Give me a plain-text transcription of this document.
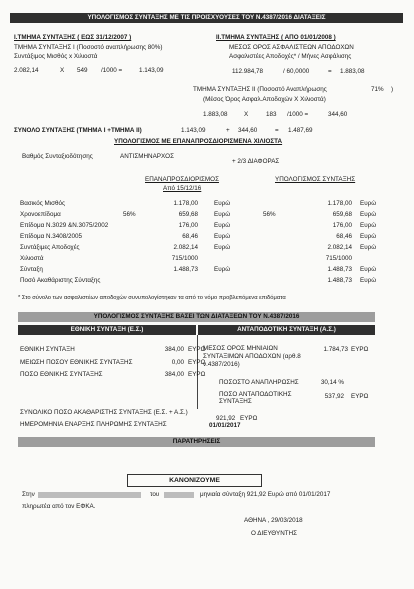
ΥΠΟΛΟΓΙΣΜΟΣ ΣΥΝΤΑΞΗΣ ΜΕ ΤΙΣ ΠΡΟΙΣΧΥΟΥΣΕΣ ΤΟΥ Ν.4387/2016 ΔΙΑΤΑΞΕΙΣ
Ι.ΤΜΗΜΑ ΣΥΝΤΑΞΗΣ ( ΕΩΣ 31/12/2007 )
ΤΜΗΜΑ ΣΥΝΤΑΞΗΣ Ι (Ποσοστό αναπλήρωσης 80%)
Συντάξιμος Μισθός x Χιλιοστά
2.082,14	X 549 /1000 =	1.143,09
ΙΙ.ΤΜΗΜΑ ΣΥΝΤΑΞΗΣ ( ΑΠΟ 01/01/2008 )
ΜΕΣΟΣ ΟΡΟΣ ΑΣΦΑΛΙΣΤΕΩΝ ΑΠΟΔΟΧΩΝ
Ασφαλιστέες Αποδοχές* / Μήνες Ασφάλισης
112.984,78	/ 60,0000	= 1.883,08
ΤΜΗΜΑ ΣΥΝΤΑΞΗΣ ΙΙ (Ποσοστό Αναπλήρωσης	71% )
(Μέσος Όρος Ασφαλ.Αποδοχών Χ Χιλιοστά)
1.883,08	X	183 /1000 =	344,60
ΣΥΝΟΛΟ ΣΥΝΤΑΞΗΣ (ΤΜΗΜΑ Ι +ΤΜΗΜΑ ΙΙ)	1.143,09	+ 344,60	= 1.487,69
ΥΠΟΛΟΓΙΣΜΟΣ ΜΕ ΕΠΑΝΑΠΡΟΣΔΙΟΡΙΣΜΕΝΑ ΧΙΛΙΟΣΤΑ
Βαθμός Συνταξιοδότησης	ΑΝΤΙΣΜΗΝΑΡΧΟΣ
+ 2/3 ΔΙΑΦΟΡΑΣ
ΕΠΑΝΑΠΡΟΣΔΙΟΡΙΣΜΟΣ
Από 15/12/16
ΥΠΟΛΟΓΙΣΜΟΣ ΣΥΝΤΑΞΗΣ
Βασικός Μισθός	1.178,00	Ευρώ	1.178,00 Ευρώ
Χρονοεπίδομα	56%	659,68	Ευρώ	56%	659,68 Ευρώ
Επίδομα Ν.3029 &Ν.3075/2002	176,00	Ευρώ	176,00 Ευρώ
Επίδομα Ν.3408/2005	68,46	Ευρώ	68,46 Ευρώ
Συντάξιμες Αποδοχές	2.082,14	Ευρώ	2.082,14 Ευρώ
Χιλιοστά	715/1000	715/1000
Σύνταξη	1.488,73	Ευρώ	1.488,73 Ευρώ
Ποσό Ακαθάριστης Σύνταξης	1.488,73 Ευρώ
* Στο σύνολο των ασφαλιστέων αποδοχών συνυπολογίστηκαν τα από το νόμο προβλεπόμενα επιδόματα
ΥΠΟΛΟΓΙΣΜΟΣ ΣΥΝΤΑΞΗΣ ΒΑΣΕΙ ΤΩΝ ΔΙΑΤΑΞΕΩΝ ΤΟΥ Ν.4387/2016
ΕΘΝΙΚΗ ΣΥΝΤΑΞΗ (Ε.Σ.)	ΑΝΤΑΠΟΔΟΤΙΚΗ ΣΥΝΤΑΞΗ (Α.Σ.)
ΕΘΝΙΚΗ ΣΥΝΤΑΞΗ	384,00 ΕΥΡΩ
ΜΕΙΩΣΗ ΠΟΣΟΥ ΕΘΝΙΚΗΣ ΣΥΝΤΑΞΗΣ	0,00 ΕΥΡΩ
ΠΟΣΟ ΕΘΝΙΚΗΣ ΣΥΝΤΑΞΗΣ	384,00 ΕΥΡΩ
ΜΕΣΟΣ ΟΡΟΣ ΜΗΝΙΑΙΩΝ ΣΥΝΤΑΞΙΜΩΝ ΑΠΟΔΟΧΩΝ (αρθ.8 ν.4387/2016)
1.784,73 ΕΥΡΩ
ΠΟΣΟΣΤΟ ΑΝΑΠΛΗΡΩΣΗΣ	30,14 %
ΠΟΣΟ ΑΝΤΑΠΟΔΟΤΙΚΗΣ ΣΥΝΤΑΞΗΣ
537,92 ΕΥΡΩ
ΣΥΝΟΛΙΚΟ ΠΟΣΟ ΑΚΑΘΑΡΙΣΤΗΣ ΣΥΝΤΑΞΗΣ (Ε.Σ. + Α.Σ.)
921,92 ΕΥΡΩ
ΗΜΕΡΟΜΗΝΙΑ ΕΝΑΡΞΗΣ ΠΛΗΡΩΜΗΣ ΣΥΝΤΑΞΗΣ	01/01/2017
ΠΑΡΑΤΗΡΗΣΕΙΣ
ΚΑΝΟΝΙΖΟΥΜΕ
Στην	του	μηνιαία σύνταξη 921,92 Ευρώ από 01/01/2017
πληρωτέα από τον ΕΦΚΑ.
ΑΘΗΝΑ , 29/03/2018
Ο ΔΙΕΥΘΥΝΤΗΣ
